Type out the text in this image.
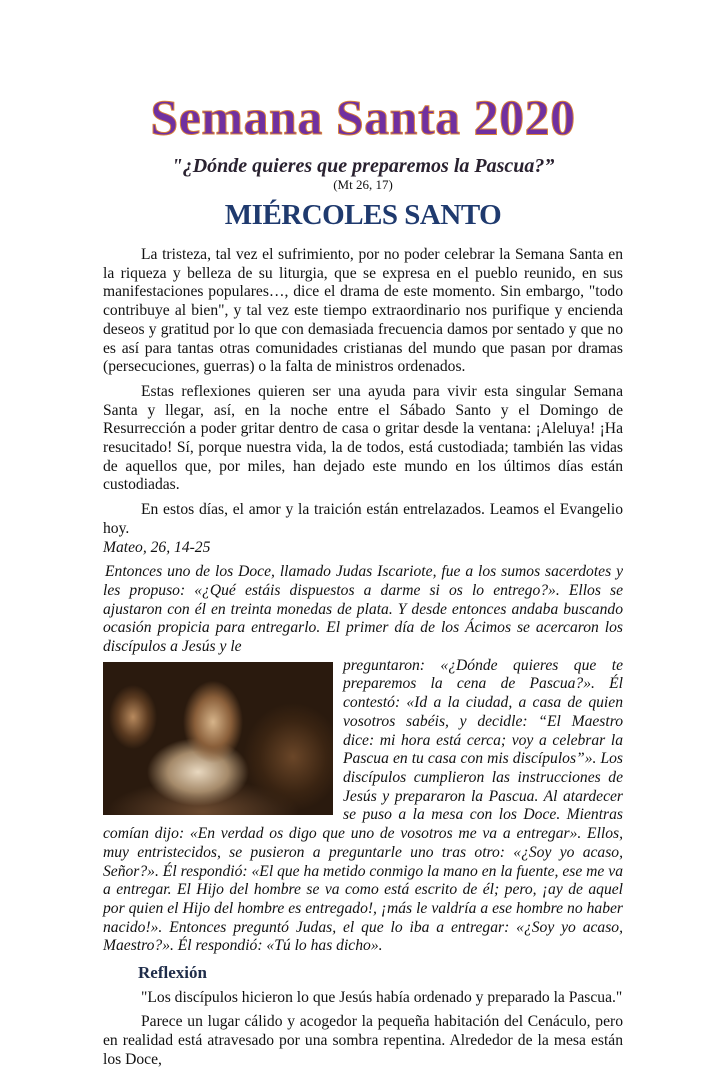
Semana Santa 2020
"¿Dónde quieres que preparemos la Pascua?”
(Mt 26, 17)
MIÉRCOLES SANTO

La tristeza, tal vez el sufrimiento, por no poder celebrar la Semana Santa en la riqueza y belleza de su liturgia, que se expresa en el pueblo reunido, en sus manifestaciones populares…, dice el drama de este momento. Sin embargo, "todo contribuye al bien", y tal vez este tiempo extraordinario nos purifique y encienda deseos y gratitud por lo que con demasiada frecuencia damos por sentado y que no es así para tantas otras comunidades cristianas del mundo que pasan por dramas (persecuciones, guerras) o la falta de ministros ordenados.

Estas reflexiones quieren ser una ayuda para vivir esta singular Semana Santa y llegar, así, en la noche entre el Sábado Santo y el Domingo de Resurrección a poder gritar dentro de casa o gritar desde la ventana: ¡Aleluya! ¡Ha resucitado! Sí, porque nuestra vida, la de todos, está custodiada; también las vidas de aquellos que, por miles, han dejado este mundo en los últimos días están custodiadas.

En estos días, el amor y la traición están entrelazados. Leamos el Evangelio hoy.

Mateo, 26, 14-25

Entonces uno de los Doce, llamado Judas Iscariote, fue a los sumos sacerdotes y les propuso: «¿Qué estáis dispuestos a darme si os lo entrego?». Ellos se ajustaron con él en treinta monedas de plata. Y desde entonces andaba buscando ocasión propicia para entregarlo. El primer día de los Ácimos se acercaron los discípulos a Jesús y le
preguntaron: «¿Dónde quieres que te preparemos la cena de Pascua?». Él contestó: «Id a la ciudad, a casa de quien vosotros sabéis, y decidle: “El Maestro dice: mi hora está cerca; voy a celebrar la Pascua en tu casa con mis discípulos”». Los discípulos cumplieron las instrucciones de Jesús y prepararon la Pascua. Al atardecer se puso a la mesa con los Doce. Mientras comían dijo: «En verdad os digo que uno de vosotros me va a entregar». Ellos, muy entristecidos, se pusieron a preguntarle uno tras otro: «¿Soy yo acaso, Señor?». Él respondió: «El que ha metido conmigo la mano en la fuente, ese me va a entregar. El Hijo del hombre se va como está escrito de él; pero, ¡ay de aquel por quien el Hijo del hombre es entregado!, ¡más le valdría a ese hombre no haber nacido!». Entonces preguntó Judas, el que lo iba a entregar: «¿Soy yo acaso, Maestro?». Él respondió: «Tú lo has dicho».

Reflexión

"Los discípulos hicieron lo que Jesús había ordenado y preparado la Pascua."

Parece un lugar cálido y acogedor la pequeña habitación del Cenáculo, pero en realidad está atravesado por una sombra repentina. Alrededor de la mesa están los Doce,
